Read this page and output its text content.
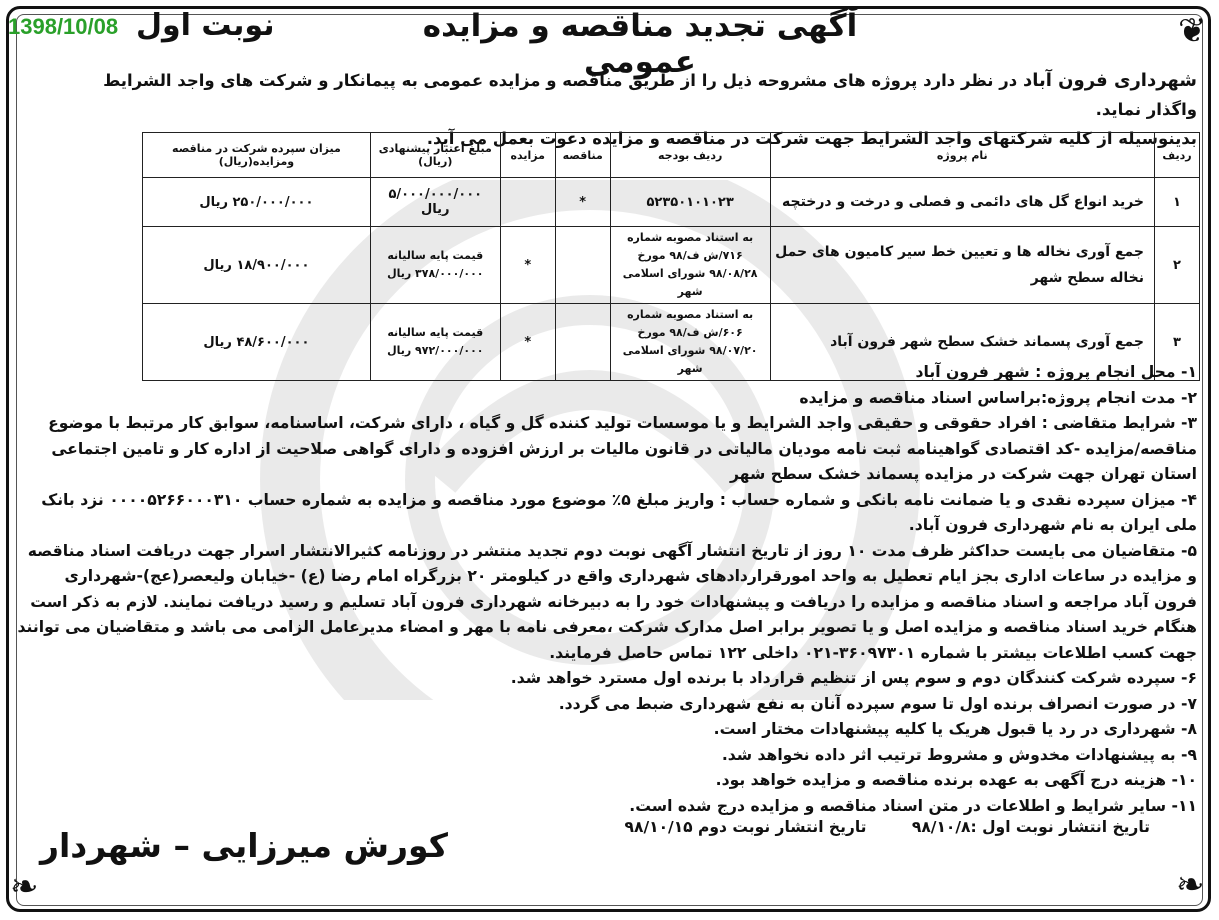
❧	❧
❦
1398/10/08 نوبت اول	آگهی تجدید مناقصه و مزایده عمومی
شهرداری فرون آباد در نظر دارد پروژه های مشروحه ذیل را از طریق مناقصه و مزایده عمومی به پیمانکار و شرکت های واجد الشرایط واگذار نماید.
بدینوسیله از کلیه شرکتهای واجد الشرایط جهت شرکت در مناقصه و مزایده دعوت بعمل می آید.
ردیف	نام پروژه	ردیف بودجه	مناقصه	مزایده	مبلغ اعتبار پیشنهادی (ریال)	میزان سپرده شرکت در مناقصه ومزایده(ریال)
۱	خرید انواع گل های دائمی و فصلی و درخت و درختچه	۵۲۳۵۰۱۰۱۰۲۳	*		۵/۰۰۰/۰۰۰/۰۰۰ ریال	۲۵۰/۰۰۰/۰۰۰ ریال
۲	جمع آوری نخاله ها و تعیین خط سیر کامیون های حمل نخاله سطح شهر	به استناد مصوبه شماره ۷۱۶/ش ف/۹۸ مورخ ۹۸/۰۸/۲۸ شورای اسلامی شهر		*	قیمت پایه سالیانه ۳۷۸/۰۰۰/۰۰۰ ریال	۱۸/۹۰۰/۰۰۰ ریال
۳	جمع آوری پسماند خشک سطح شهر فرون آباد	به استناد مصوبه شماره ۶۰۶/ش ف/۹۸ مورخ ۹۸/۰۷/۲۰ شورای اسلامی شهر		*	قیمت پایه سالیانه ۹۷۲/۰۰۰/۰۰۰ ریال	۴۸/۶۰۰/۰۰۰ ریال

۱- محل انجام پروژه : شهر فرون آباد

۲- مدت انجام پروژه:براساس اسناد مناقصه و مزایده

۳- شرایط متقاضی : افراد حقوقی و حقیقی واجد الشرایط و یا موسسات تولید کننده گل و گیاه ، دارای شرکت، اساسنامه، سوابق کار مرتبط با موضوع مناقصه/مزایده -کد اقتصادی گواهینامه ثبت نامه مودیان مالیاتی در قانون مالیات بر ارزش افزوده و دارای گواهی صلاحیت از اداره کار و تامین اجتماعی استان تهران جهت شرکت در مزایده پسماند خشک سطح شهر

۴- میزان سپرده نقدی و یا ضمانت نامه بانکی و شماره حساب : واریز مبلغ ۵٪ موضوع مورد مناقصه و مزایده به شماره حساب ۰۰۰۰۵۲۶۶۰۰۰۳۱۰ نزد بانک ملی ایران به نام شهرداری فرون آباد.

۵- متقاضیان می بایست حداکثر ظرف مدت ۱۰ روز از تاریخ انتشار آگهی نوبت دوم تجدید منتشر در روزنامه کثیرالانتشار اسرار جهت دریافت اسناد مناقصه و مزایده در ساعات اداری بجز ایام تعطیل به واحد امورقراردادهای شهرداری واقع در کیلومتر ۲۰ بزرگراه امام رضا (ع) -خیابان ولیعصر(عج)-شهرداری فرون آباد مراجعه و اسناد مناقصه و مزایده را دریافت و پیشنهادات خود را به دبیرخانه شهرداری فرون آباد تسلیم و رسید دریافت نمایند. لازم به ذکر است هنگام خرید اسناد مناقصه و مزایده اصل و یا تصویر برابر اصل مدارک شرکت ،معرفی نامه با مهر و امضاء مدیرعامل الزامی می باشد و متقاضیان می توانند جهت کسب اطلاعات بیشتر با شماره ۳۶۰۹۷۳۰۱-۰۲۱ داخلی ۱۲۲ تماس حاصل فرمایند.

۶- سپرده شرکت کنندگان دوم و سوم پس از تنظیم قرارداد با برنده اول مسترد خواهد شد.

۷- در صورت انصراف برنده اول تا سوم سپرده آنان به نفع شهرداری ضبط می گردد.

۸- شهرداری در رد یا قبول هریک یا کلیه پیشنهادات مختار است.

۹- به پیشنهادات مخدوش و مشروط ترتیب اثر داده نخواهد شد.

۱۰- هزینه درج آگهی به عهده برنده مناقصه و مزایده خواهد بود.

۱۱- سایر شرایط و اطلاعات در متن اسناد مناقصه و مزایده درج شده است.

تاریخ انتشار نوبت اول :۹۸/۱۰/۸ تاریخ انتشار نوبت دوم ۹۸/۱۰/۱۵
کورش میرزایی – شهردار
